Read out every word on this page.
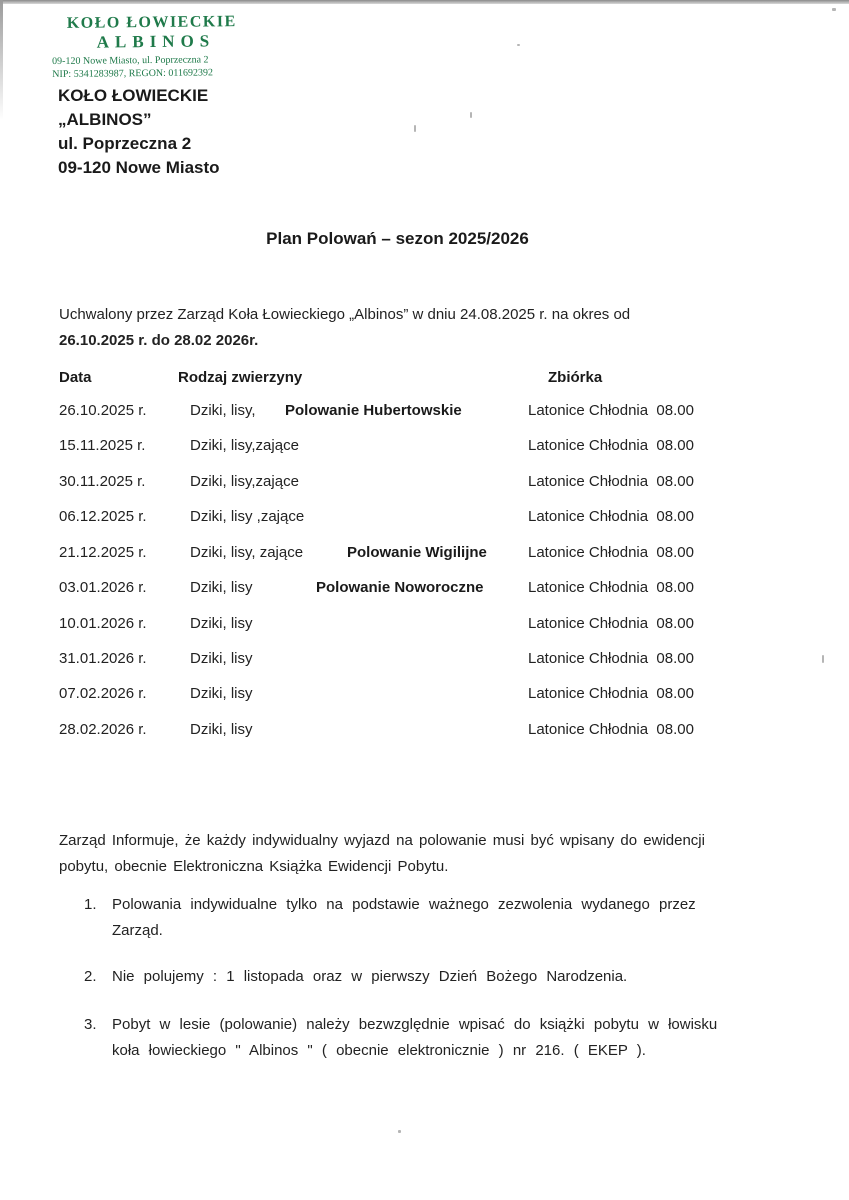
KOŁO ŁOWIECKIE
ALBINOS
09-120 Nowe Miasto, ul. Poprzeczna 2
NIP: 5341283987, REGON: 011692392
KOŁO ŁOWIECKIE
„ALBINOS”
ul. Poprzeczna 2
09-120 Nowe Miasto
Plan Polowań – sezon 2025/2026
Uchwalony przez Zarząd Koła Łowieckiego „Albinos” w dniu 24.08.2025 r. na okres od
26.10.2025 r. do 28.02 2026r.
Data	Rodzaj zwierzyny	Zbiórka
26.10.2025 r.	Dziki, lisy, Polowanie Hubertowskie	Latonice Chłodnia  08.00
15.11.2025 r.	Dziki, lisy,zające	Latonice Chłodnia  08.00
30.11.2025 r.	Dziki, lisy,zające	Latonice Chłodnia  08.00
06.12.2025 r.	Dziki, lisy ,zające	Latonice Chłodnia  08.00
21.12.2025 r.	Dziki, lisy, zające	Polowanie Wigilijne	Latonice Chłodnia  08.00
03.01.2026 r.	Dziki, lisy	Polowanie Noworoczne	Latonice Chłodnia  08.00
10.01.2026 r.	Dziki, lisy	Latonice Chłodnia  08.00
31.01.2026 r.	Dziki, lisy	Latonice Chłodnia  08.00
07.02.2026 r.	Dziki, lisy	Latonice Chłodnia  08.00
28.02.2026 r.	Dziki, lisy	Latonice Chłodnia  08.00
Zarząd Informuje, że każdy indywidualny wyjazd na polowanie musi być wpisany do ewidencji pobytu, obecnie Elektroniczna Książka Ewidencji Pobytu.
1. Polowania indywidualne tylko na podstawie ważnego zezwolenia wydanego przez Zarząd.
2. Nie polujemy : 1 listopada oraz w pierwszy Dzień Bożego Narodzenia.
3. Pobyt w lesie (polowanie) należy bezwzględnie wpisać do książki pobytu w łowisku koła łowieckiego " Albinos " ( obecnie elektronicznie ) nr 216. ( EKEP ).
